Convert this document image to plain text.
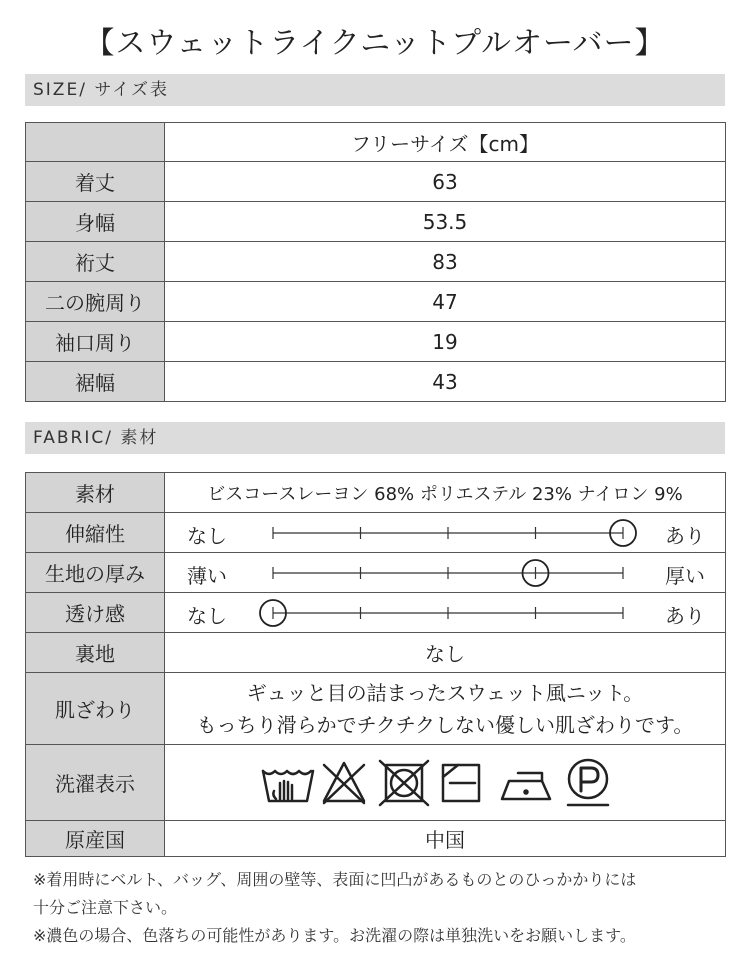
【スウェットライクニットプルオーバー】
SIZE/ サイズ表
	フリーサイズ【cm】
着丈	63
身幅	53.5
裄丈	83
二の腕周り	47
袖口周り	19
裾幅	43
FABRIC/ 素材
素材	ビスコースレーヨン 68% ポリエステル 23% ナイロン 9%
伸縮性	なし あり

生地の厚み	薄い 厚い

透け感	なし あり

裏地	なし
肌ざわり	ギュッと目の詰まったスウェット風ニット。
もっちり滑らかでチクチクしない優しい肌ざわりです。

洗濯表示	

原産国	中国
※着用時にベルト、バッグ、周囲の壁等、表面に凹凸があるものとのひっかかりには
十分ご注意下さい。
※濃色の場合、色落ちの可能性があります。お洗濯の際は単独洗いをお願いします。
